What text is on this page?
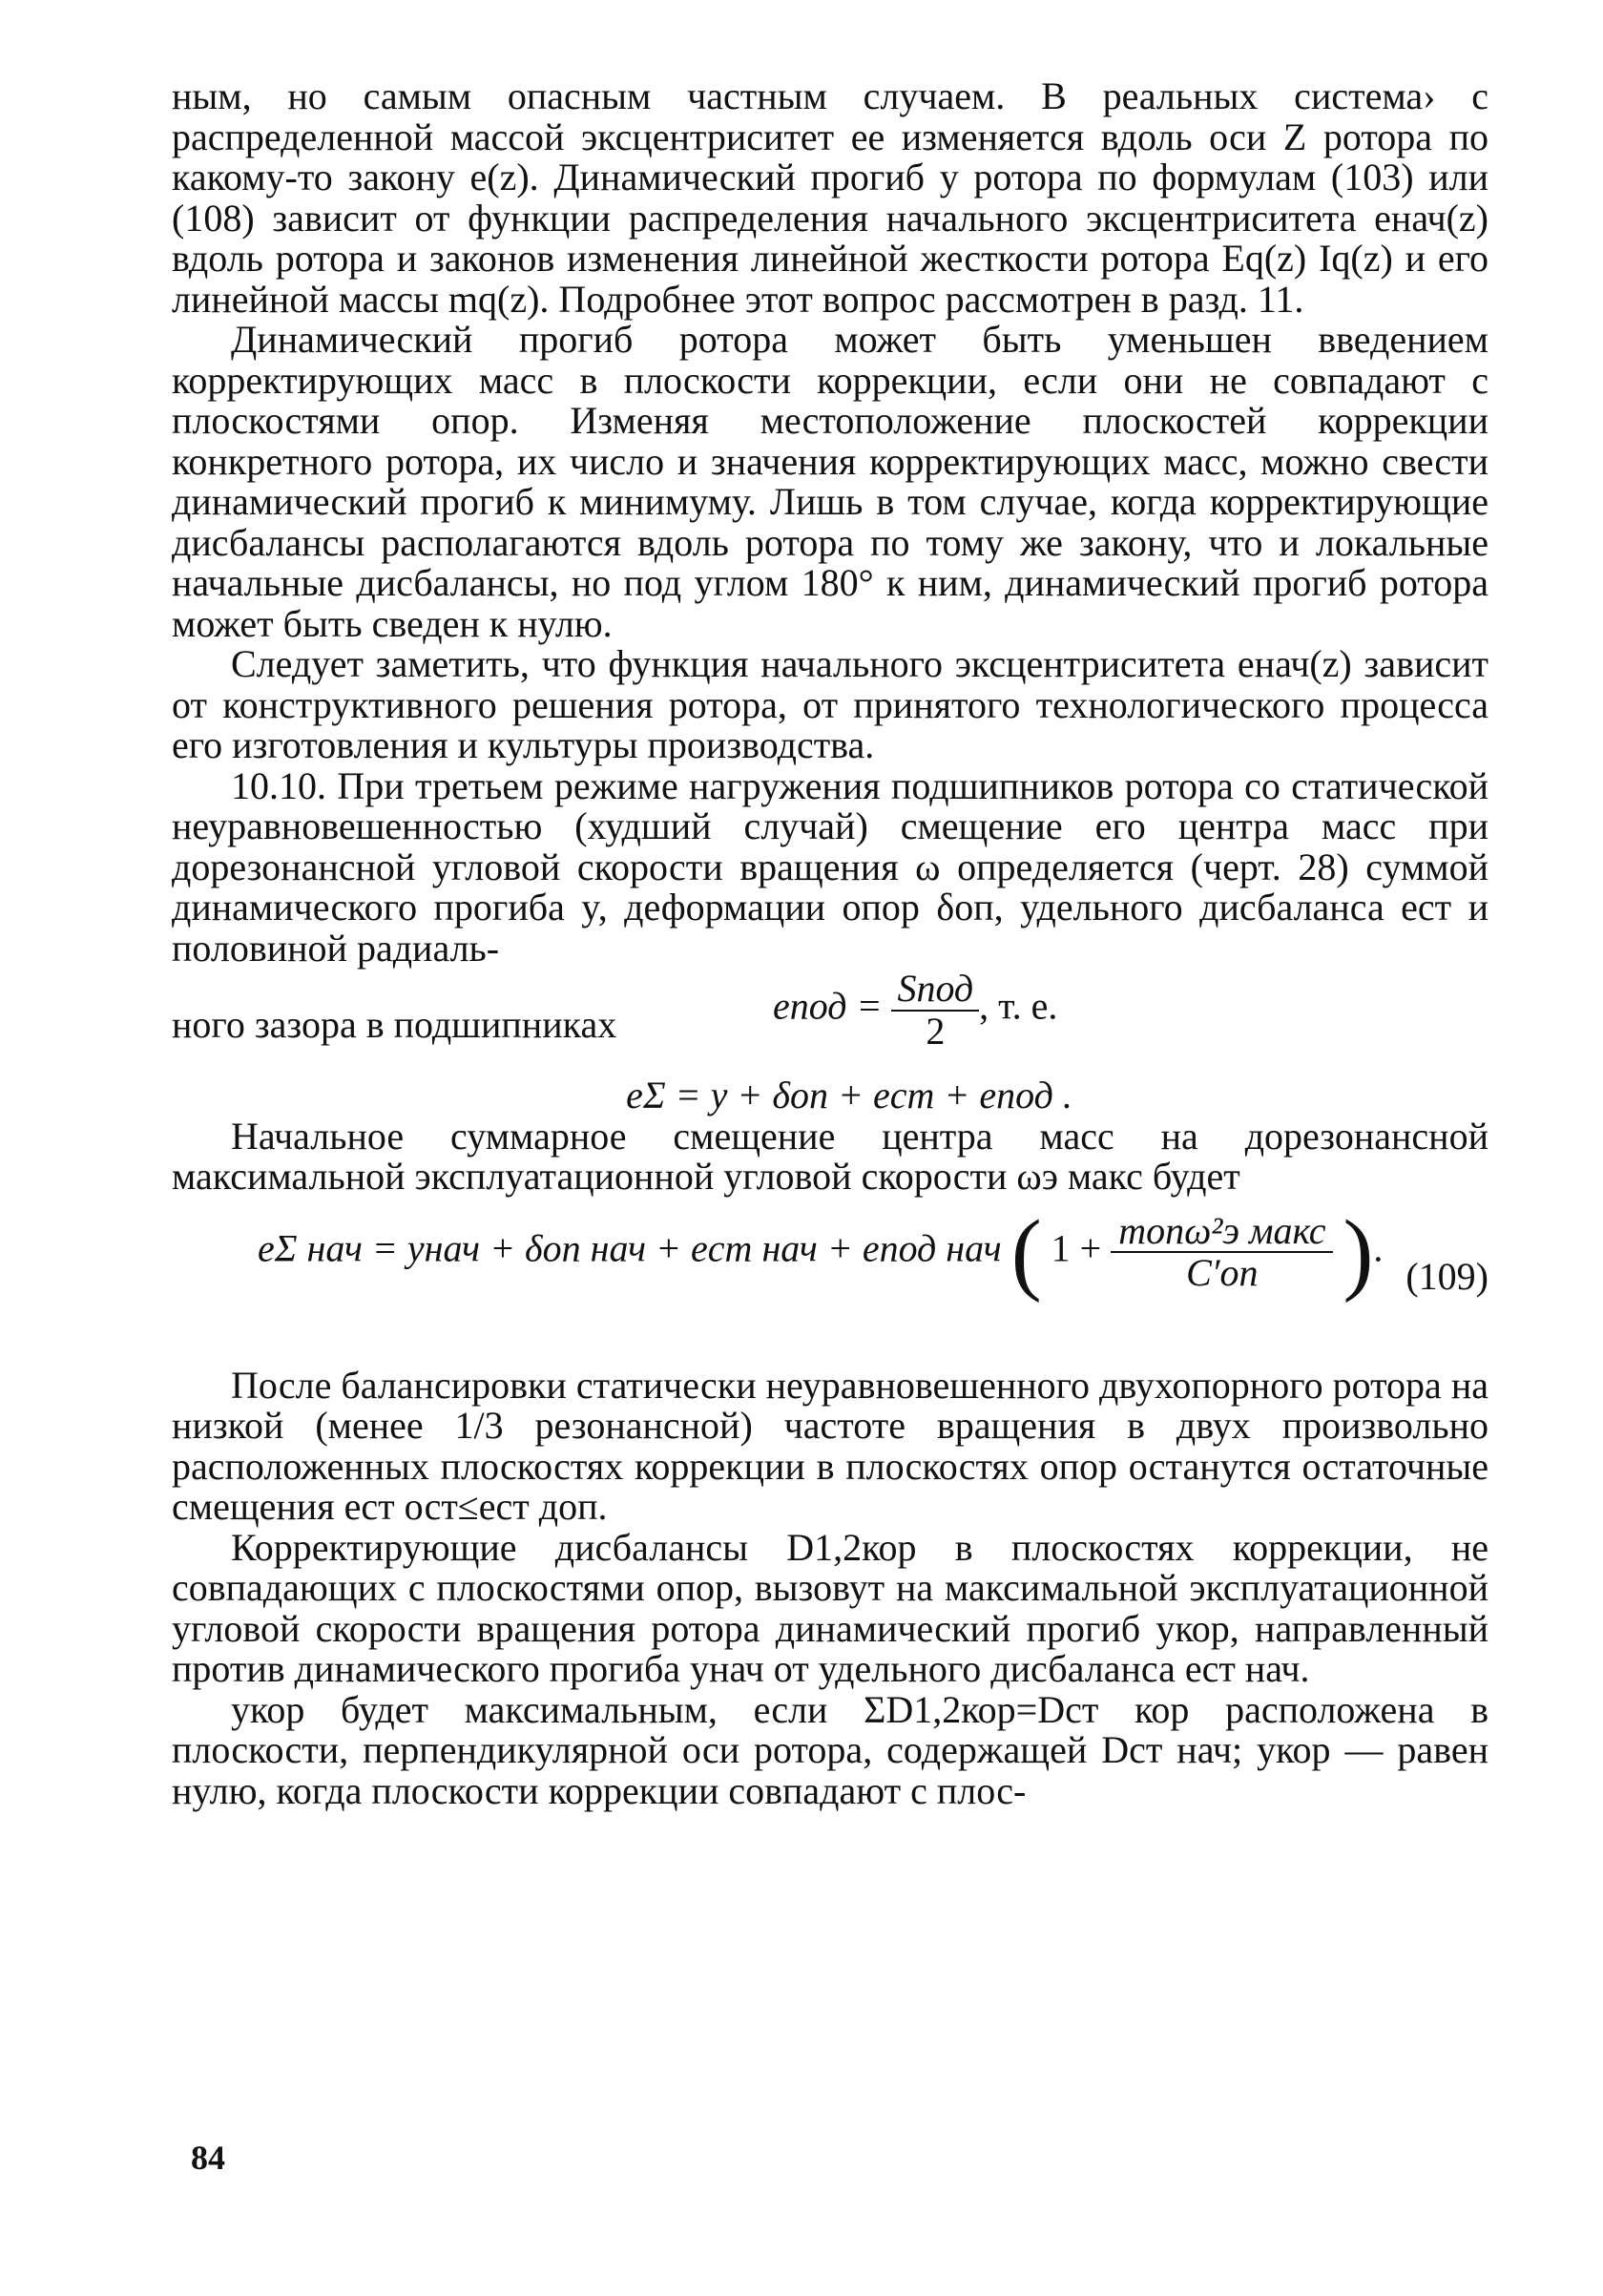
ным, но самым опасным частным случаем. В реальных система› с распределенной массой эксцентриситет ее изменяется вдоль оси Z ротора по какому-то закону e(z). Динамический прогиб y ротора по формулам (103) или (108) зависит от функции распределения начального эксцентриситета eнач(z) вдоль ротора и законов изменения линейной жесткости ротора Eq(z) Iq(z) и его линейной массы mq(z). Подробнее этот вопрос рассмотрен в разд. 11.

Динамический прогиб ротора может быть уменьшен введением корректирующих масс в плоскости коррекции, если они не совпадают с плоскостями опор. Изменяя местоположение плоскостей коррекции конкретного ротора, их число и значения корректирующих масс, можно свести динамический прогиб к минимуму. Лишь в том случае, когда корректирующие дисбалансы располагаются вдоль ротора по тому же закону, что и локальные начальные дисбалансы, но под углом 180° к ним, динамический прогиб ротора может быть сведен к нулю.

Следует заметить, что функция начального эксцентриситета eнач(z) зависит от конструктивного решения ротора, от принятого технологического процесса его изготовления и культуры производства.

10.10. При третьем режиме нагружения подшипников ротора со статической неуравновешенностью (худший случай) смещение его центра масс при дорезонансной угловой скорости вращения ω определяется (черт. 28) суммой динамического прогиба y, деформации опор δоп, удельного дисбаланса eст и половиной радиаль-

ного зазора в подшипниках	eпод = $\frac{\text{Sпод}}{2}$ , т. е.

eΣ = y + δоп + eст + eпод .

Начальное суммарное смещение центра масс на дорезонансной максимальной эксплуатационной угловой скорости ωэ макс будет

eΣ нач = yнач + δоп нач + eст нач + eпод нач ( $1 + \frac{\text{mопω²э макс}}{C'оп}$ ).
(109)

После балансировки статически неуравновешенного двухопорного ротора на низкой (менее 1/3 резонансной) частоте вращения в двух произвольно расположенных плоскостях коррекции в плоскостях опор останутся остаточные смещения eст ост≤eст доп.

Корректирующие дисбалансы D1,2кор в плоскостях коррекции, не совпадающих с плоскостями опор, вызовут на максимальной эксплуатационной угловой скорости вращения ротора динамический прогиб yкор, направленный против динамического прогиба yнач от удельного дисбаланса eст нач.

yкор будет максимальным, если ΣD1,2кор=Dст кор расположена в плоскости, перпендикулярной оси ротора, содержащей Dст нач; yкор — равен нулю, когда плоскости коррекции совпадают с плос-

84
